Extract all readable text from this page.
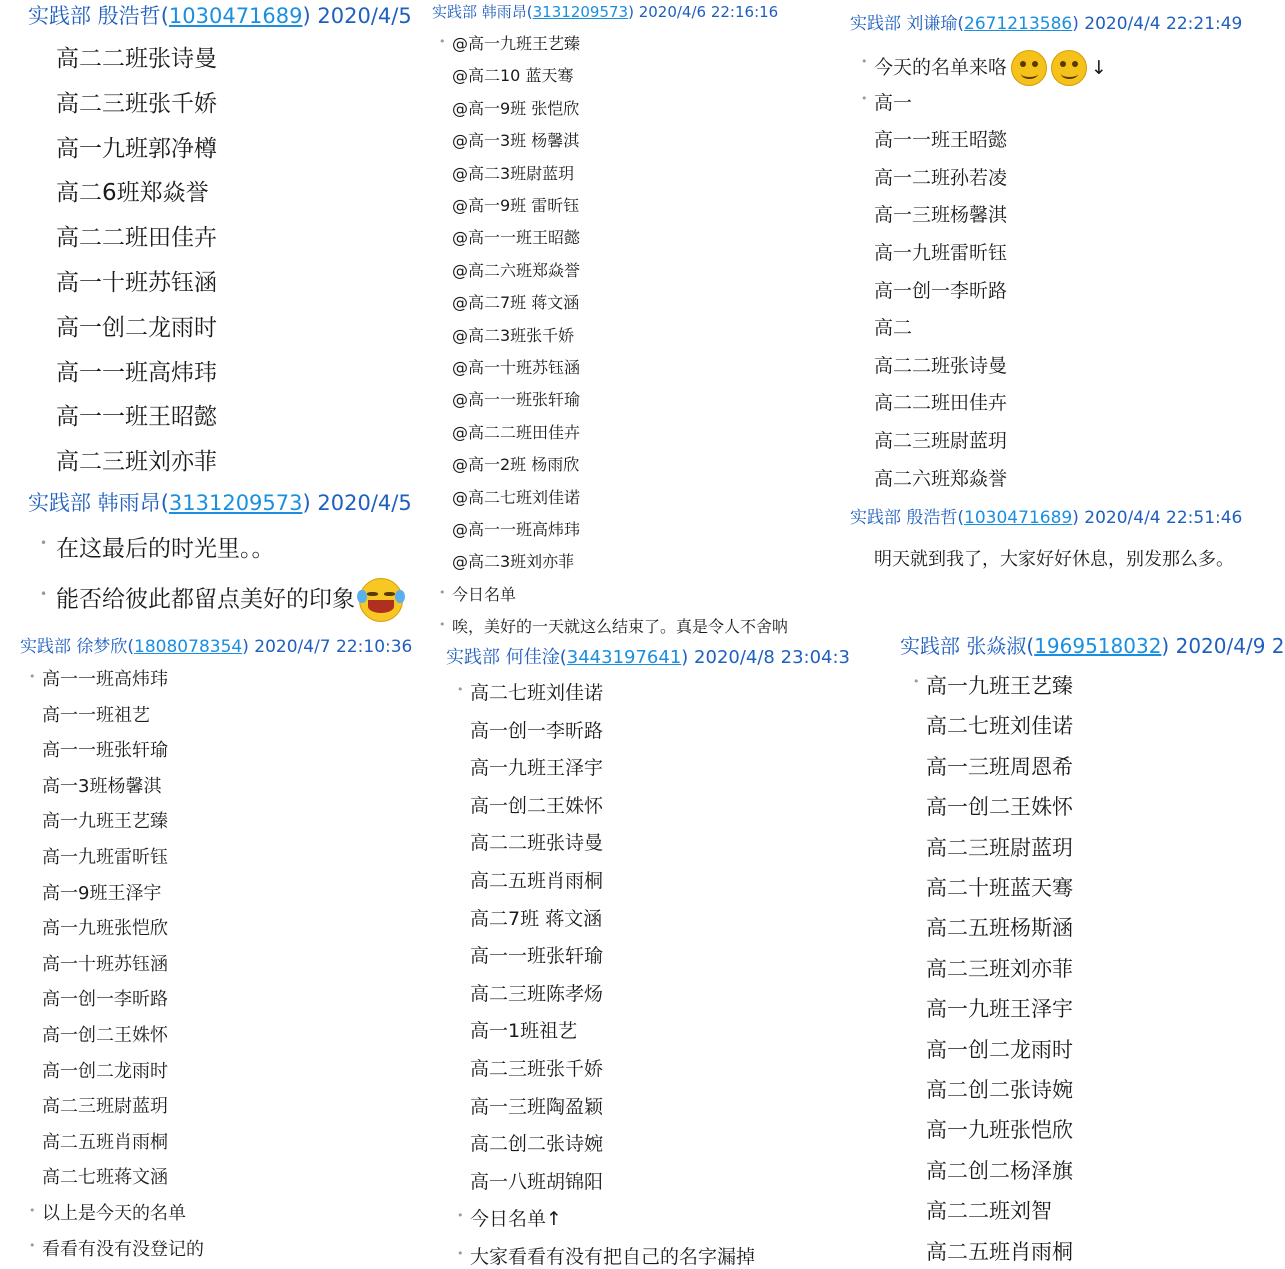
实践部 殷浩哲(1030471689) 2020/4/5
高二二班张诗曼
高二三班张千娇
高一九班郭净樽
高二6班郑焱誉
高二二班田佳卉
高一十班苏钰涵
高一创二龙雨时
高一一班高炜玮
高一一班王昭懿
高二三班刘亦菲
实践部 韩雨昂(3131209573) 2020/4/5
• 在这最后的时光里。。
• 能否给彼此都留点美好的印象
实践部 韩雨昂(3131209573) 2020/4/6 22:16:16
• @高一九班王艺臻
@高二10 蓝天骞
@高一9班 张恺欣
@高一3班 杨馨淇
@高二3班尉蓝玥
@高一9班 雷昕钰
@高一一班王昭懿
@高二六班郑焱誉
@高二7班 蒋文涵
@高二3班张千娇
@高一十班苏钰涵
@高一一班张轩瑜
@高二二班田佳卉
@高一2班 杨雨欣
@高二七班刘佳诺
@高一一班高炜玮
@高二3班刘亦菲
• 今日名单
• 唉，美好的一天就这么结束了。真是令人不舍呐
实践部 刘谦瑜(2671213586) 2020/4/4 22:21:49
• 今天的名单来咯	↓
• 高一
高一一班王昭懿
高一二班孙若凌
高一三班杨馨淇
高一九班雷昕钰
高一创一李昕路
高二
高二二班张诗曼
高二二班田佳卉
高二三班尉蓝玥
高二六班郑焱誉
实践部 殷浩哲(1030471689) 2020/4/4 22:51:46
明天就到我了，大家好好休息，别发那么多。
实践部 徐梦欣(1808078354) 2020/4/7 22:10:36
• 高一一班高炜玮
高一一班祖艺
高一一班张轩瑜
高一3班杨馨淇
高一九班王艺臻
高一九班雷昕钰
高一9班王泽宇
高一九班张恺欣
高一十班苏钰涵
高一创一李昕路
高一创二王姝怀
高一创二龙雨时
高二三班尉蓝玥
高二五班肖雨桐
高二七班蒋文涵
• 以上是今天的名单
• 看看有没有没登记的
实践部 何佳淦(3443197641) 2020/4/8 23:04:3
• 高二七班刘佳诺
高一创一李昕路
高一九班王泽宇
高一创二王姝怀
高二二班张诗曼
高二五班肖雨桐
高二7班 蒋文涵
高一一班张轩瑜
高二三班陈孝炀
高一1班祖艺
高二三班张千娇
高一三班陶盈颖
高二创二张诗婉
高一八班胡锦阳
• 今日名单↑
• 大家看看有没有把自己的名字漏掉
实践部 张焱淑(1969518032) 2020/4/9 2
• 高一九班王艺臻
高二七班刘佳诺
高一三班周恩希
高一创二王姝怀
高二三班尉蓝玥
高二十班蓝天骞
高二五班杨斯涵
高二三班刘亦菲
高一九班王泽宇
高一创二龙雨时
高二创二张诗婉
高一九班张恺欣
高二创二杨泽旗
高二二班刘智
高二五班肖雨桐
